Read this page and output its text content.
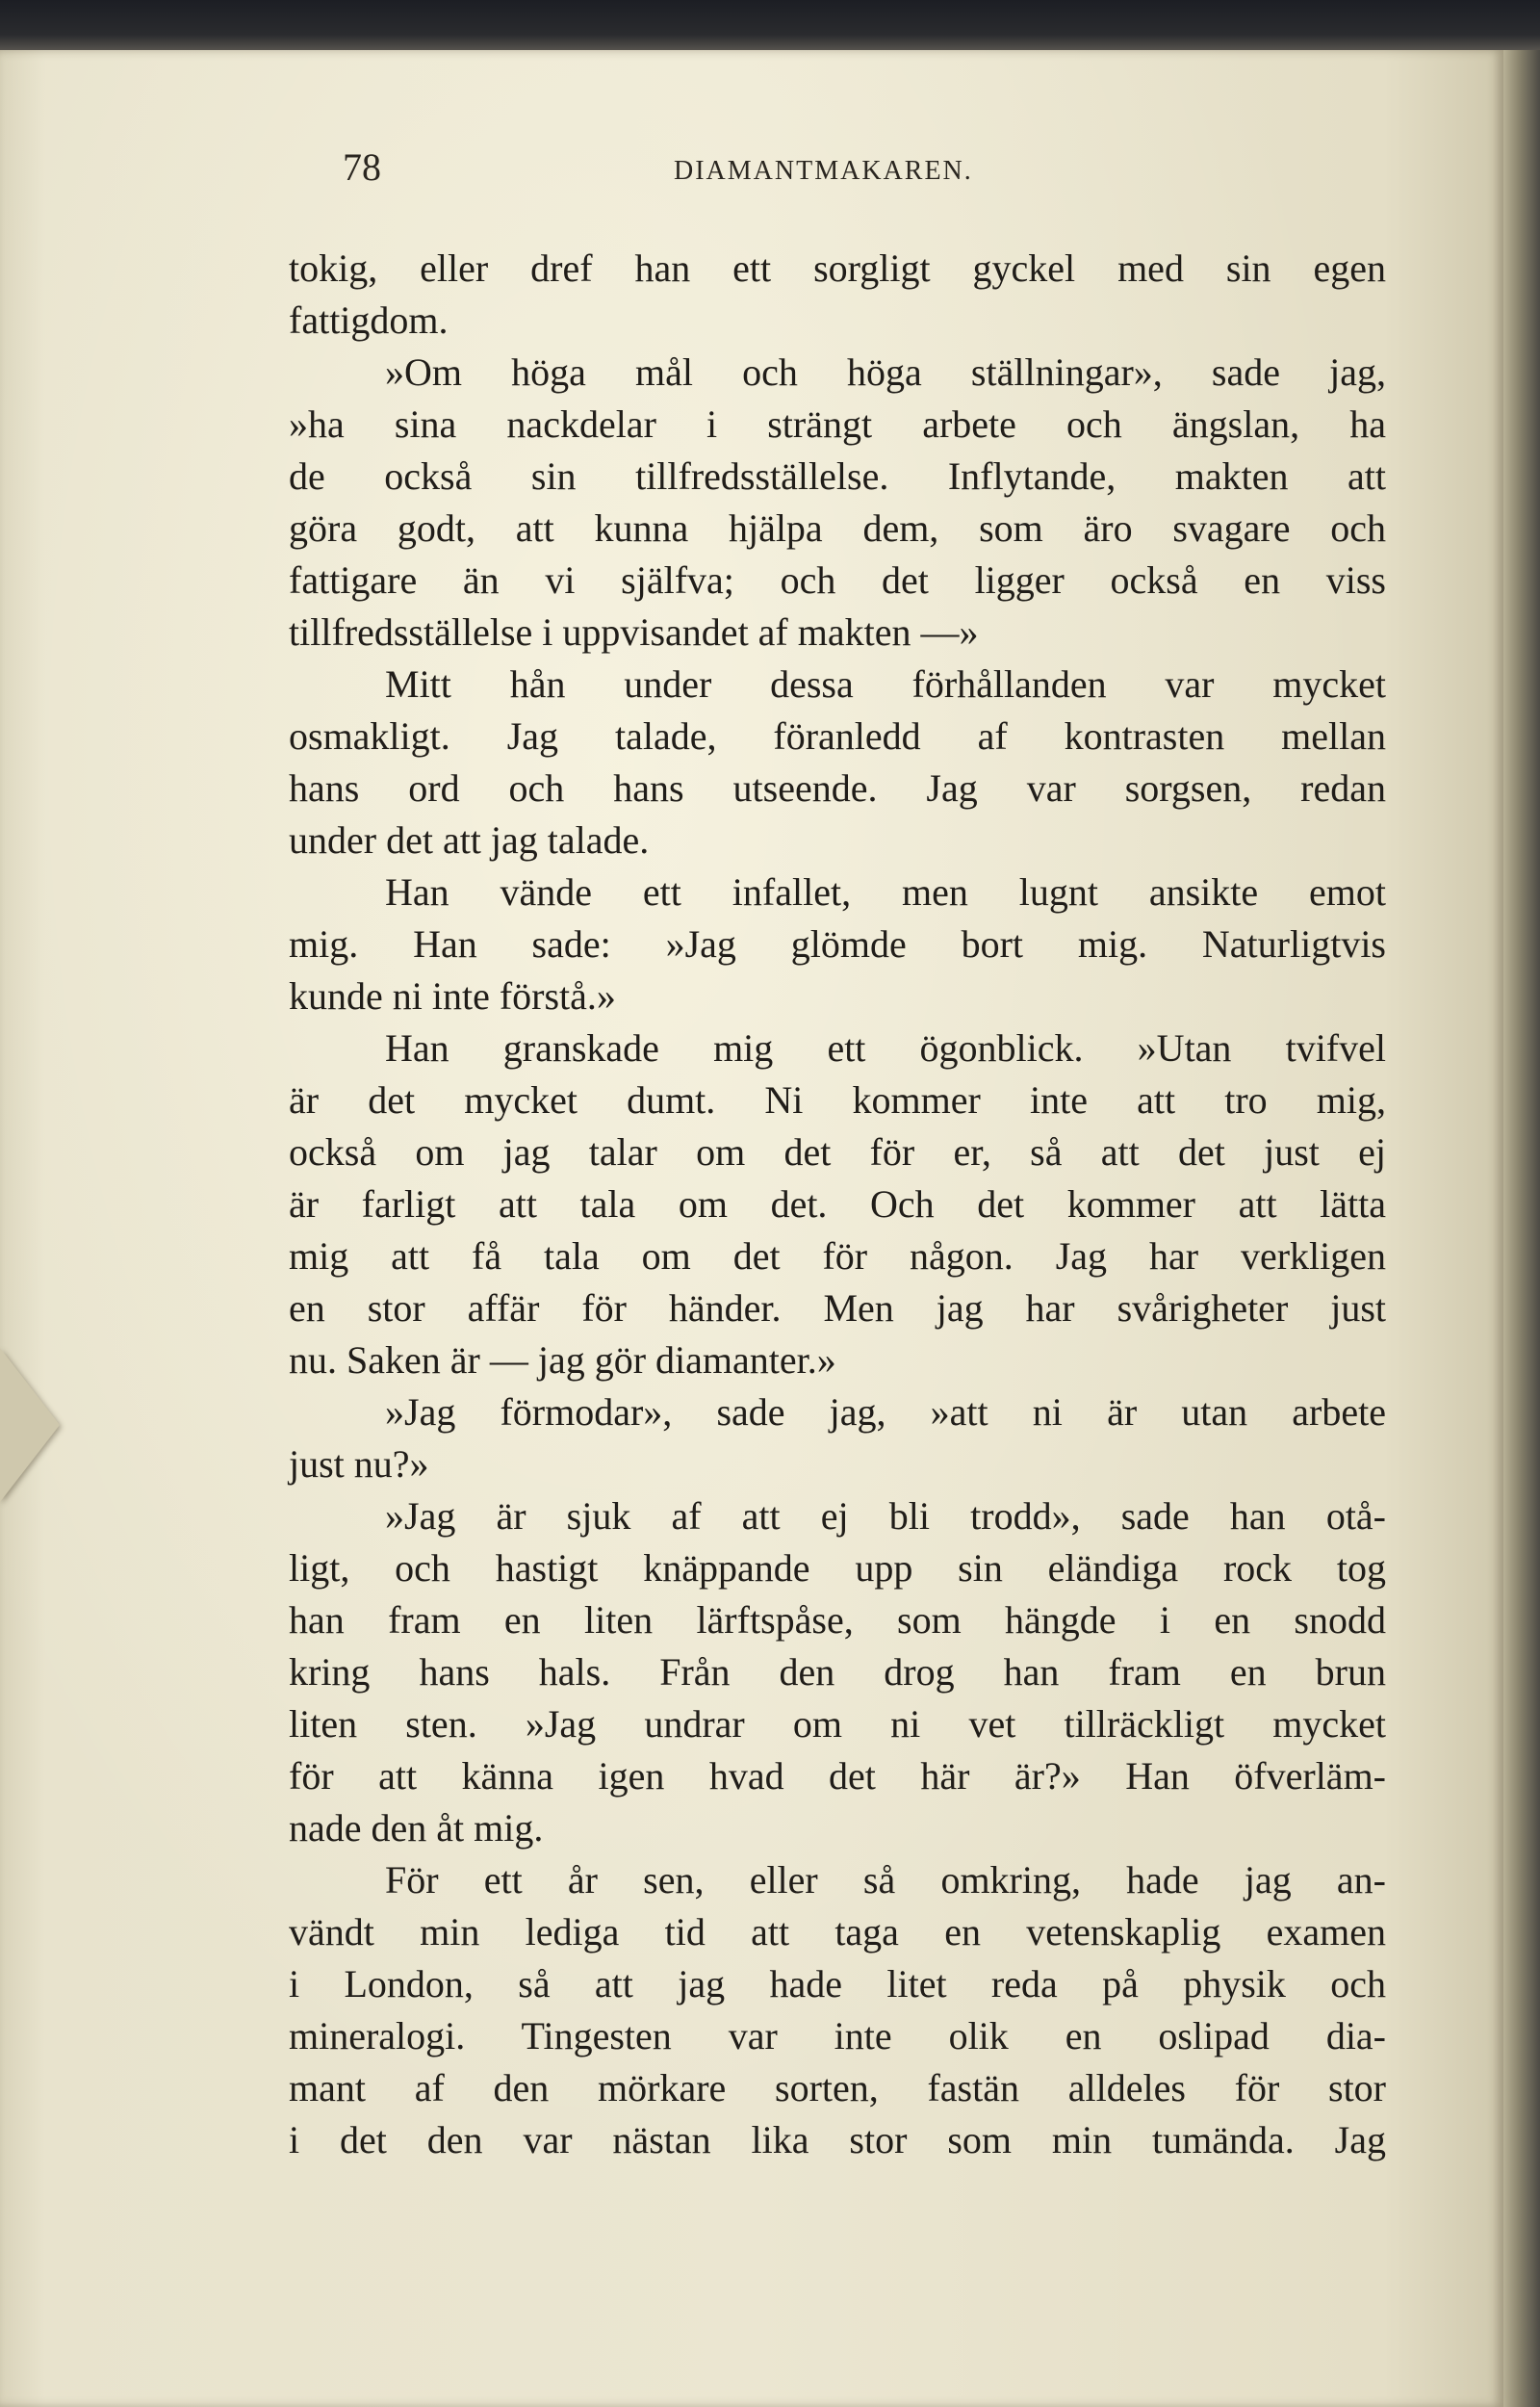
78	DIAMANTMAKAREN.
tokig, eller dref han ett sorgligt gyckel med sin egen
fattigdom.
»Om höga mål och höga ställningar», sade jag,
»ha sina nackdelar i strängt arbete och ängslan, ha
de också sin tillfredsställelse. Inflytande, makten att
göra godt, att kunna hjälpa dem, som äro svagare och
fattigare än vi själfva; och det ligger också en viss
tillfredsställelse i uppvisandet af makten —»
Mitt hån under dessa förhållanden var mycket
osmakligt. Jag talade, föranledd af kontrasten mellan
hans ord och hans utseende. Jag var sorgsen, redan
under det att jag talade.
Han vände ett infallet, men lugnt ansikte emot
mig. Han sade: »Jag glömde bort mig. Naturligtvis
kunde ni inte förstå.»
Han granskade mig ett ögonblick. »Utan tvifvel
är det mycket dumt. Ni kommer inte att tro mig,
också om jag talar om det för er, så att det just ej
är farligt att tala om det. Och det kommer att lätta
mig att få tala om det för någon. Jag har verkligen
en stor affär för händer. Men jag har svårigheter just
nu. Saken är — jag gör diamanter.»
»Jag förmodar», sade jag, »att ni är utan arbete
just nu?»
»Jag är sjuk af att ej bli trodd», sade han otå-
ligt, och hastigt knäppande upp sin eländiga rock tog
han fram en liten lärftspåse, som hängde i en snodd
kring hans hals. Från den drog han fram en brun
liten sten. »Jag undrar om ni vet tillräckligt mycket
för att känna igen hvad det här är?» Han öfverläm-
nade den åt mig.
För ett år sen, eller så omkring, hade jag an-
vändt min lediga tid att taga en vetenskaplig examen
i London, så att jag hade litet reda på physik och
mineralogi. Tingesten var inte olik en oslipad dia-
mant af den mörkare sorten, fastän alldeles för stor
i det den var nästan lika stor som min tumända. Jag
